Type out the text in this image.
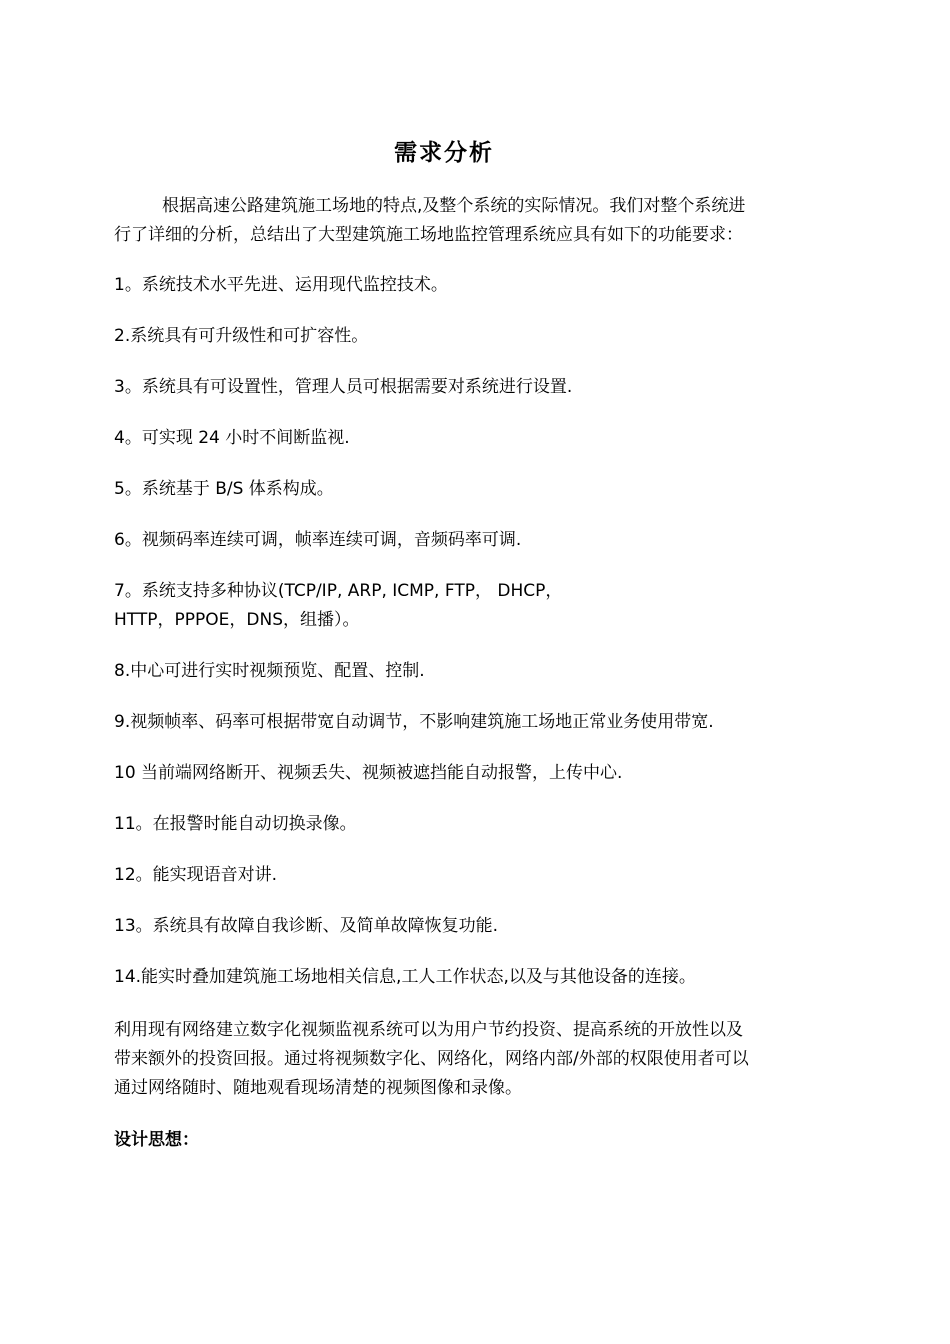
需求分析
根据高速公路建筑施工场地的特点,及整个系统的实际情况。我们对整个系统进
行了详细的分析，总结出了大型建筑施工场地监控管理系统应具有如下的功能要求：
1。系统技术水平先进、运用现代监控技术。
2.系统具有可升级性和可扩容性。
3。系统具有可设置性，管理人员可根据需要对系统进行设置.
4。可实现 24 小时不间断监视.
5。系统基于 B/S 体系构成。
6。视频码率连续可调，帧率连续可调，音频码率可调.
7。系统支持多种协议(TCP/IP, ARP, ICMP, FTP， DHCP，
HTTP，PPPOE，DNS，组播）。
8.中心可进行实时视频预览、配置、控制.
9.视频帧率、码率可根据带宽自动调节，不影响建筑施工场地正常业务使用带宽.
10 当前端网络断开、视频丢失、视频被遮挡能自动报警，上传中心.
11。在报警时能自动切换录像。
12。能实现语音对讲.
13。系统具有故障自我诊断、及简单故障恢复功能.
14.能实时叠加建筑施工场地相关信息,工人工作状态,以及与其他设备的连接。
利用现有网络建立数字化视频监视系统可以为用户节约投资、提高系统的开放性以及
带来额外的投资回报。通过将视频数字化、网络化，网络内部/外部的权限使用者可以
通过网络随时、随地观看现场清楚的视频图像和录像。
设计思想：
